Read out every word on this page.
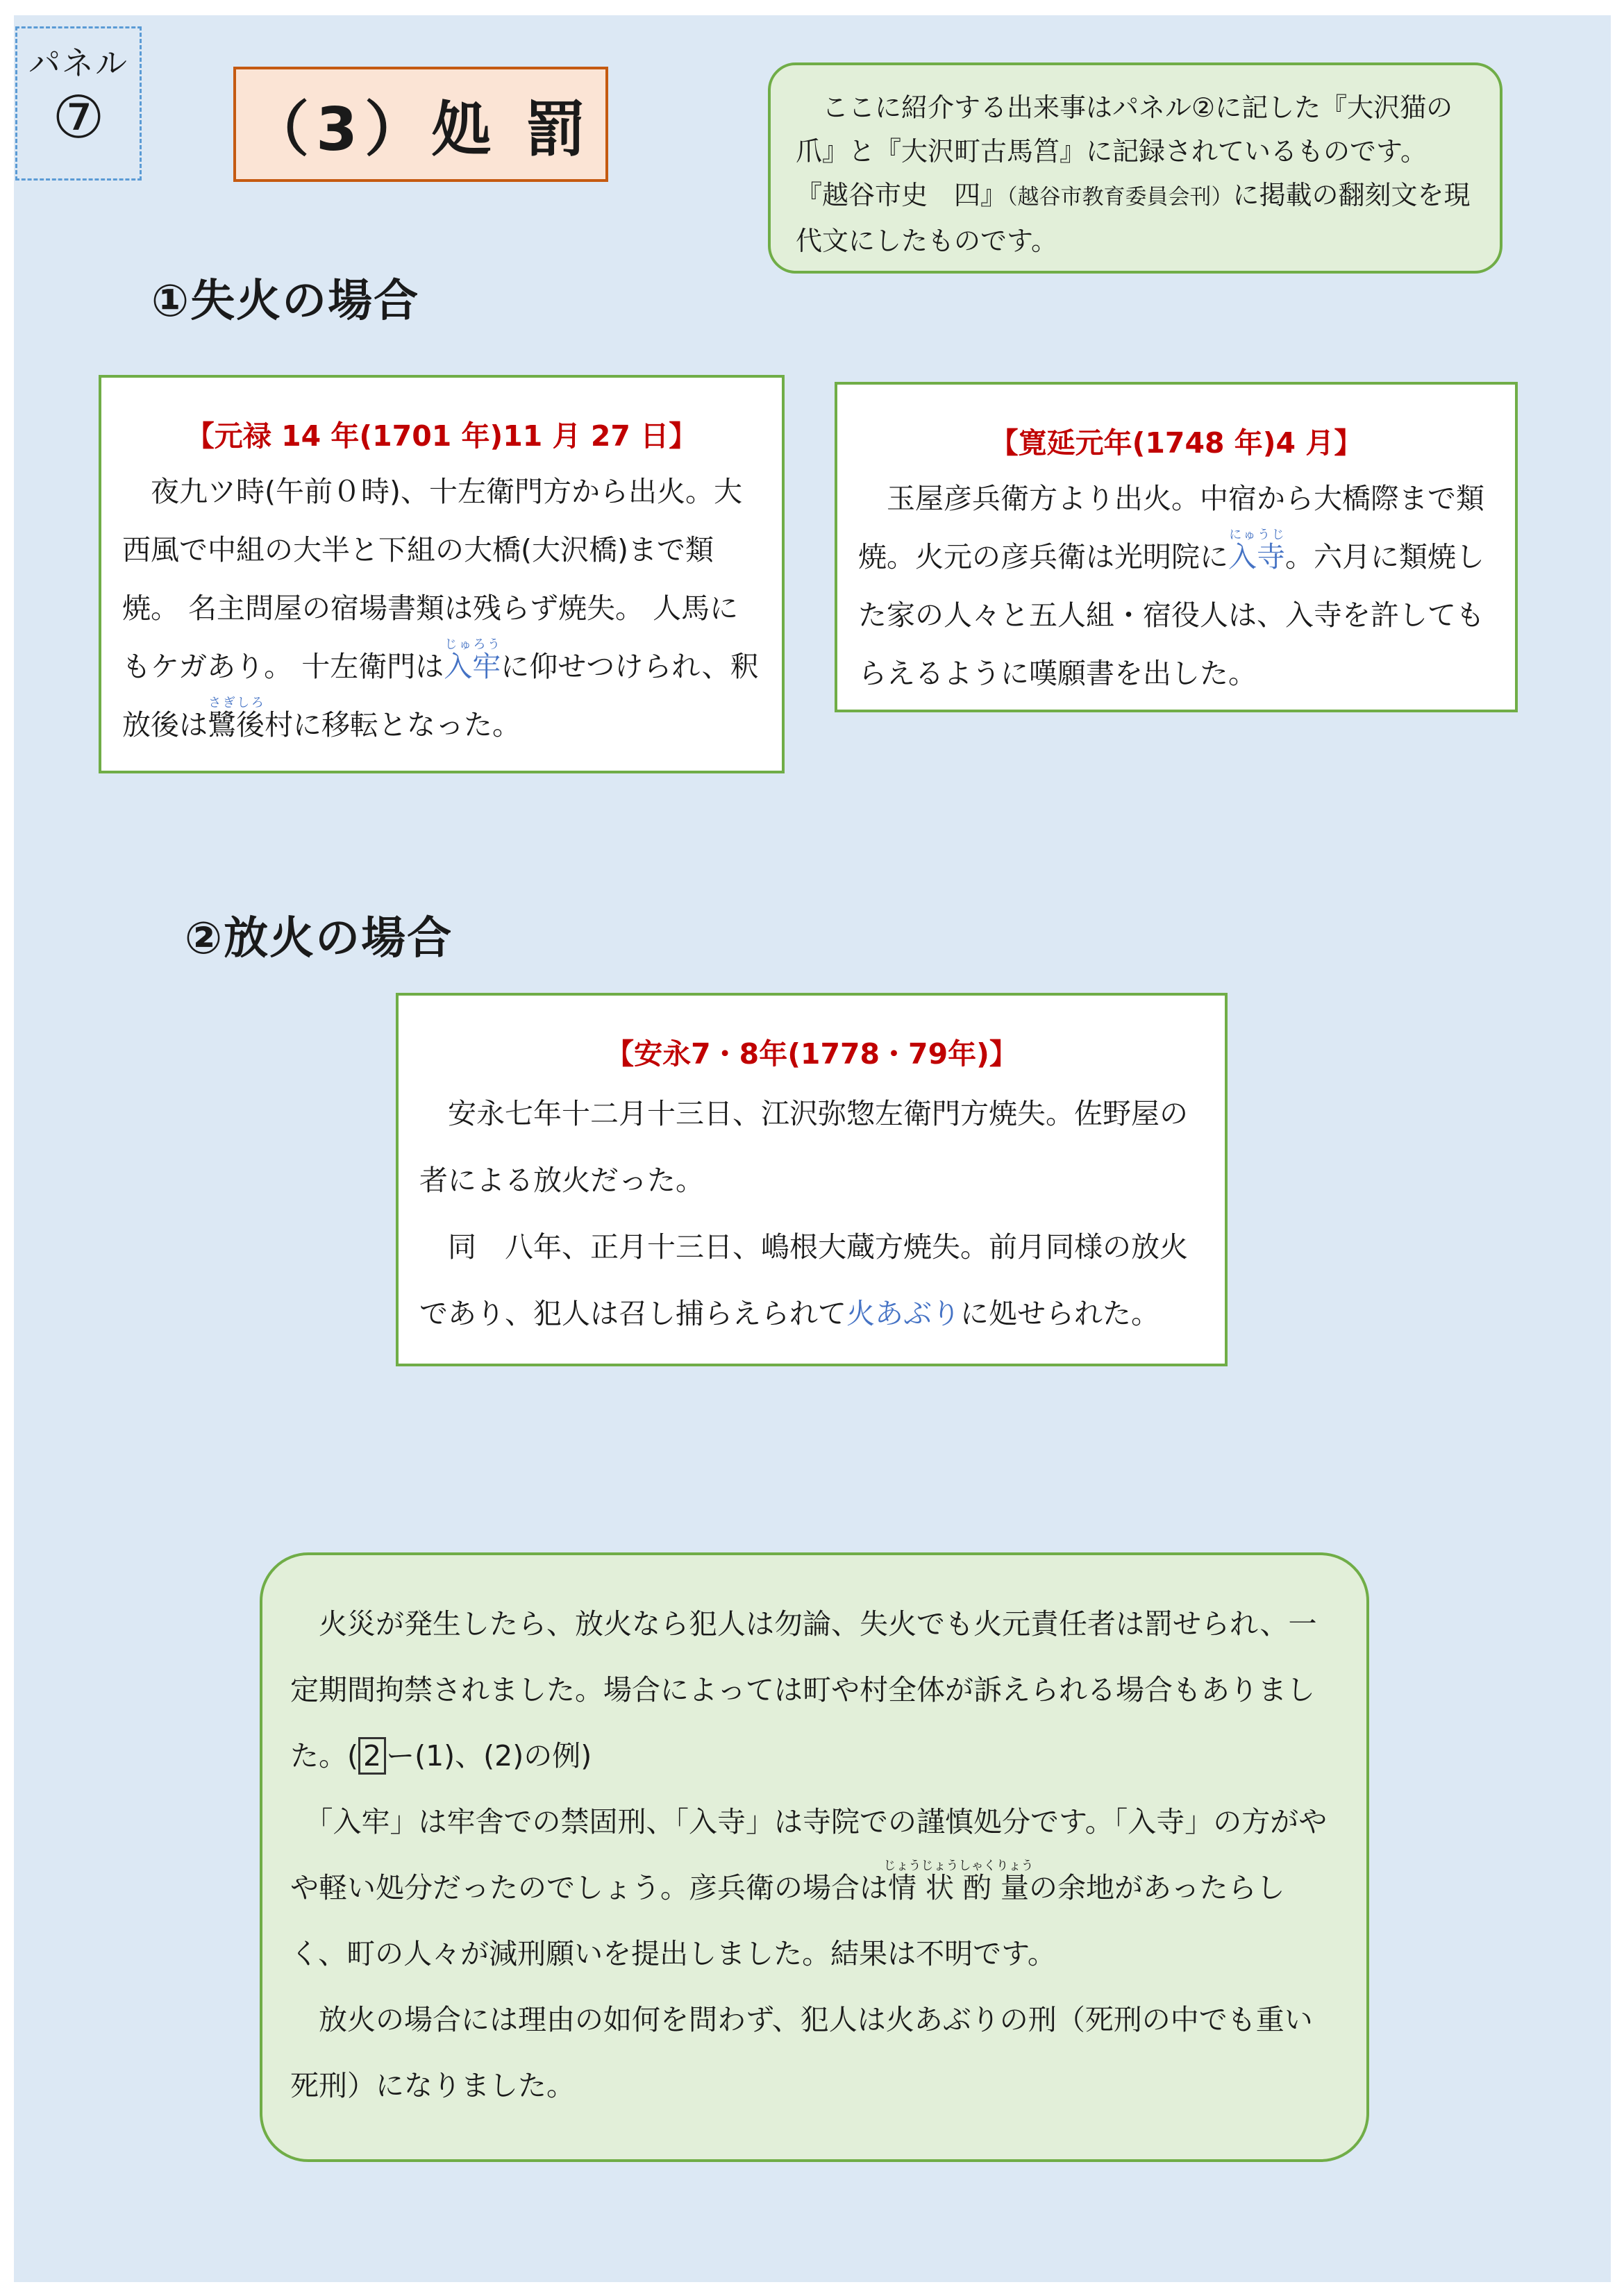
パネル
⑦	（3）処 罰

　	ここに紹介する出来事はパネル②に記した『大沢猫の爪』と『大沢町古馬筥』に記録されているものです。

『越谷市史　四』（越谷市教育委員会刊）に掲載の翻刻文を現代文にしたものです。

①失火の場合
【元禄 14 年(1701 年)11 月 27 日】

　夜九ツ時(午前０時)、十左衛門方から出火。大西風で中組の大半と下組の大橋(大沢橋)まで類焼。 名主問屋の宿場書類は残らず焼失。 人馬にもケガあり。 十左衛門は入牢じゅろうに仰せつけられ、釈放後は鷺後さぎしろ村に移転となった。

【寛延元年(1748 年)4 月】

　玉屋彦兵衛方より出火。中宿から大橋際まで類焼。火元の彦兵衛は光明院に入寺にゅうじ。六月に類焼した家の人々と五人組・宿役人は、入寺を許してもらえるように嘆願書を出した。

②放火の場合
【安永7・8年(1778・79年)】

　安永七年十二月十三日、江沢弥惣左衛門方焼失。佐野屋の者による放火だった。

　同　八年、正月十三日、嶋根大蔵方焼失。前月同様の放火であり、犯人は召し捕らえられて火あぶりに処せられた。

　火災が発生したら、放火なら犯人は勿論、失火でも火元責任者は罰せられ、一定期間拘禁されました。場合によっては町や村全体が訴えられる場合もありました。( 2 ー(1)、(2)の例)

　「入牢」は牢舎での禁固刑、「入寺」は寺院での謹慎処分です。「入寺」の方がやや軽い処分だったのでしょう。彦兵衛の場合は情状酌量じょうじょうしゃくりょうの余地があったらしく、町の人々が減刑願いを提出しました。結果は不明です。

　放火の場合には理由の如何を問わず、犯人は火あぶりの刑（死刑の中でも重い死刑）になりました。
